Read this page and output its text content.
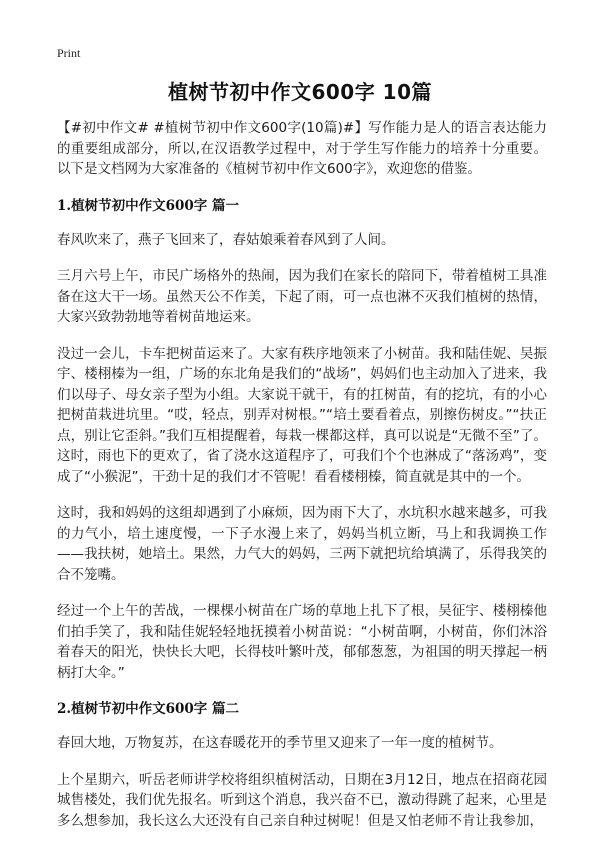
Print
植树节初中作文600字 10篇

【#初中作文# #植树节初中作文600字(10篇)#】写作能力是人的语言表达能力的重要组成部分，所以,在汉语教学过程中，对于学生写作能力的培养十分重要。以下是文档网为大家准备的《植树节初中作文600字》，欢迎您的借鉴。

1.植树节初中作文600字 篇一

春风吹来了，燕子飞回来了，春姑娘乘着春风到了人间。

三月六号上午，市民广场格外的热闹，因为我们在家长的陪同下，带着植树工具准备在这大干一场。虽然天公不作美，下起了雨，可一点也淋不灭我们植树的热情，大家兴致勃勃地等着树苗地运来。

没过一会儿，卡车把树苗运来了。大家有秩序地领来了小树苗。我和陆佳妮、吴振宇、楼栩榛为一组，广场的东北角是我们的“战场”，妈妈们也主动加入了进来，我们以母子、母女亲子型为小组。大家说干就干，有的扛树苗，有的挖坑，有的小心把树苗栽进坑里。“哎，轻点，别弄对树根。”“培土要看着点，别擦伤树皮。”“扶正点，别让它歪斜。”我们互相提醒着，每栽一棵都这样，真可以说是“无微不至”了。这时，雨也下的更欢了，省了浇水这道程序了，可我们个个也淋成了“落汤鸡”，变成了“小猴泥”，干劲十足的我们才不管呢！看看楼栩榛，简直就是其中的一个。

这时，我和妈妈的这组却遇到了小麻烦，因为雨下大了，水坑积水越来越多，可我的力气小，培土速度慢，一下子水漫上来了，妈妈当机立断，马上和我调换工作——我扶树，她培土。果然，力气大的妈妈，三两下就把坑给填满了，乐得我笑的合不笼嘴。

经过一个上午的苦战，一棵棵小树苗在广场的草地上扎下了根，吴征宇、楼栩榛他们拍手笑了，我和陆佳妮轻轻地抚摸着小树苗说：“小树苗啊，小树苗，你们沐浴着春天的阳光，快快长大吧，长得枝叶繁叶茂，郁郁葱葱，为祖国的明天撑起一柄柄打大伞。”

2.植树节初中作文600字 篇二

春回大地，万物复苏，在这春暖花开的季节里又迎来了一年一度的植树节。

上个星期六，听岳老师讲学校将组织植树活动，日期在3月12日，地点在招商花园城售楼处，我们优先报名。听到这个消息，我兴奋不已，激动得跳了起来，心里是多么想参加，我长这么大还没有自己亲自种过树呢！但是又怕老师不肯让我参加，
